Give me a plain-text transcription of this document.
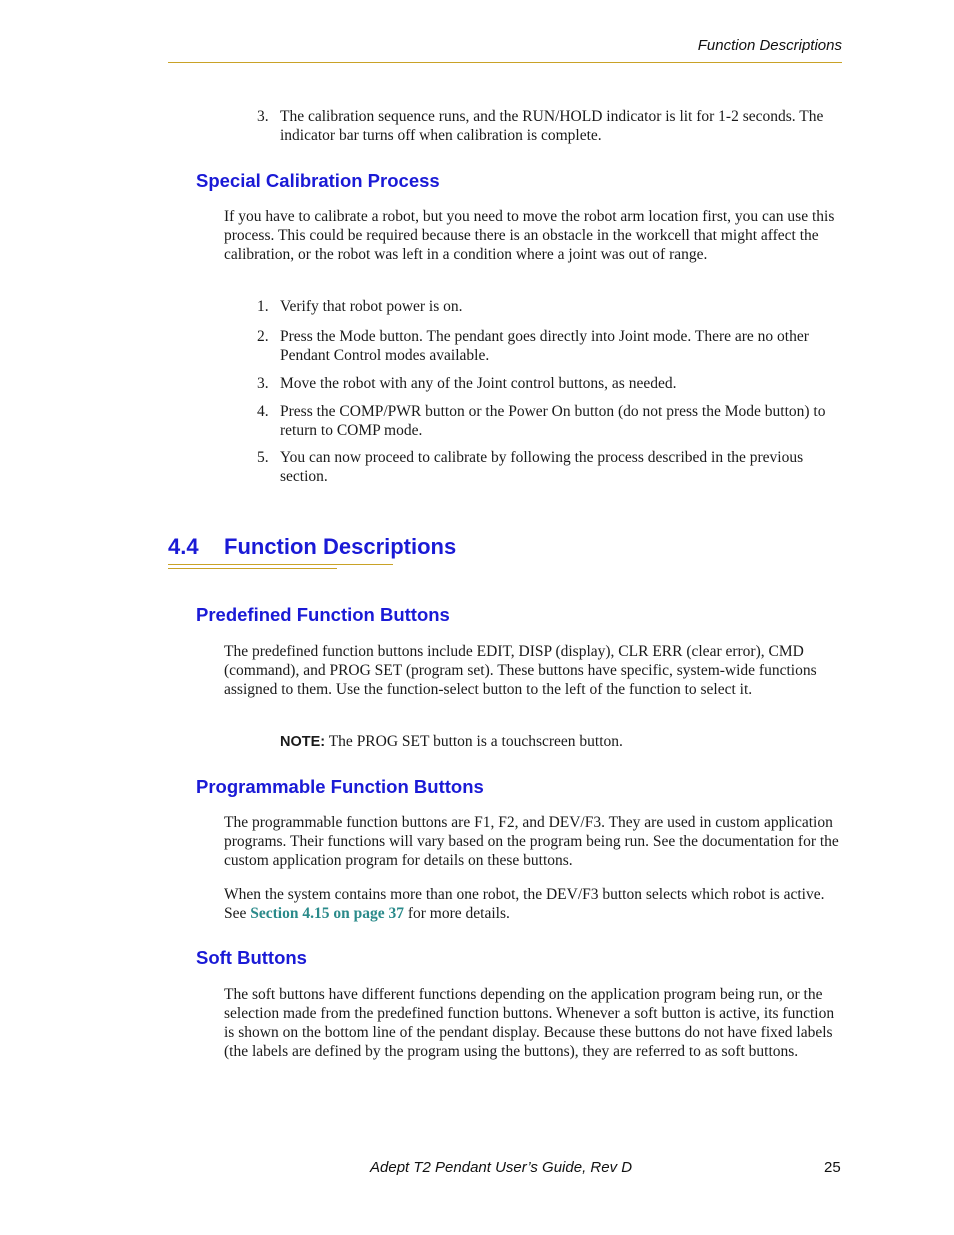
Function Descriptions
3. The calibration sequence runs, and the RUN/HOLD indicator is lit for 1-2 seconds. The indicator bar turns off when calibration is complete.
Special Calibration Process
If you have to calibrate a robot, but you need to move the robot arm location first, you can use this process. This could be required because there is an obstacle in the workcell that might affect the calibration, or the robot was left in a condition where a joint was out of range.
1. Verify that robot power is on.
2. Press the Mode button. The pendant goes directly into Joint mode. There are no other Pendant Control modes available.
3. Move the robot with any of the Joint control buttons, as needed.
4. Press the COMP/PWR button or the Power On button (do not press the Mode button) to return to COMP mode.
5. You can now proceed to calibrate by following the process described in the previous section.
4.4 Function Descriptions
Predefined Function Buttons
The predefined function buttons include EDIT, DISP (display), CLR ERR (clear error), CMD (command), and PROG SET (program set). These buttons have specific, system-wide functions assigned to them. Use the function-select button to the left of the function to select it.
NOTE: The PROG SET button is a touchscreen button.
Programmable Function Buttons
The programmable function buttons are F1, F2, and DEV/F3. They are used in custom application programs. Their functions will vary based on the program being run. See the documentation for the custom application program for details on these buttons.
When the system contains more than one robot, the DEV/F3 button selects which robot is active. See Section 4.15 on page 37 for more details.
Soft Buttons
The soft buttons have different functions depending on the application program being run, or the selection made from the predefined function buttons. Whenever a soft button is active, its function is shown on the bottom line of the pendant display. Because these buttons do not have fixed labels (the labels are defined by the program using the buttons), they are referred to as soft buttons.
Adept T2 Pendant User’s Guide, Rev D	25
